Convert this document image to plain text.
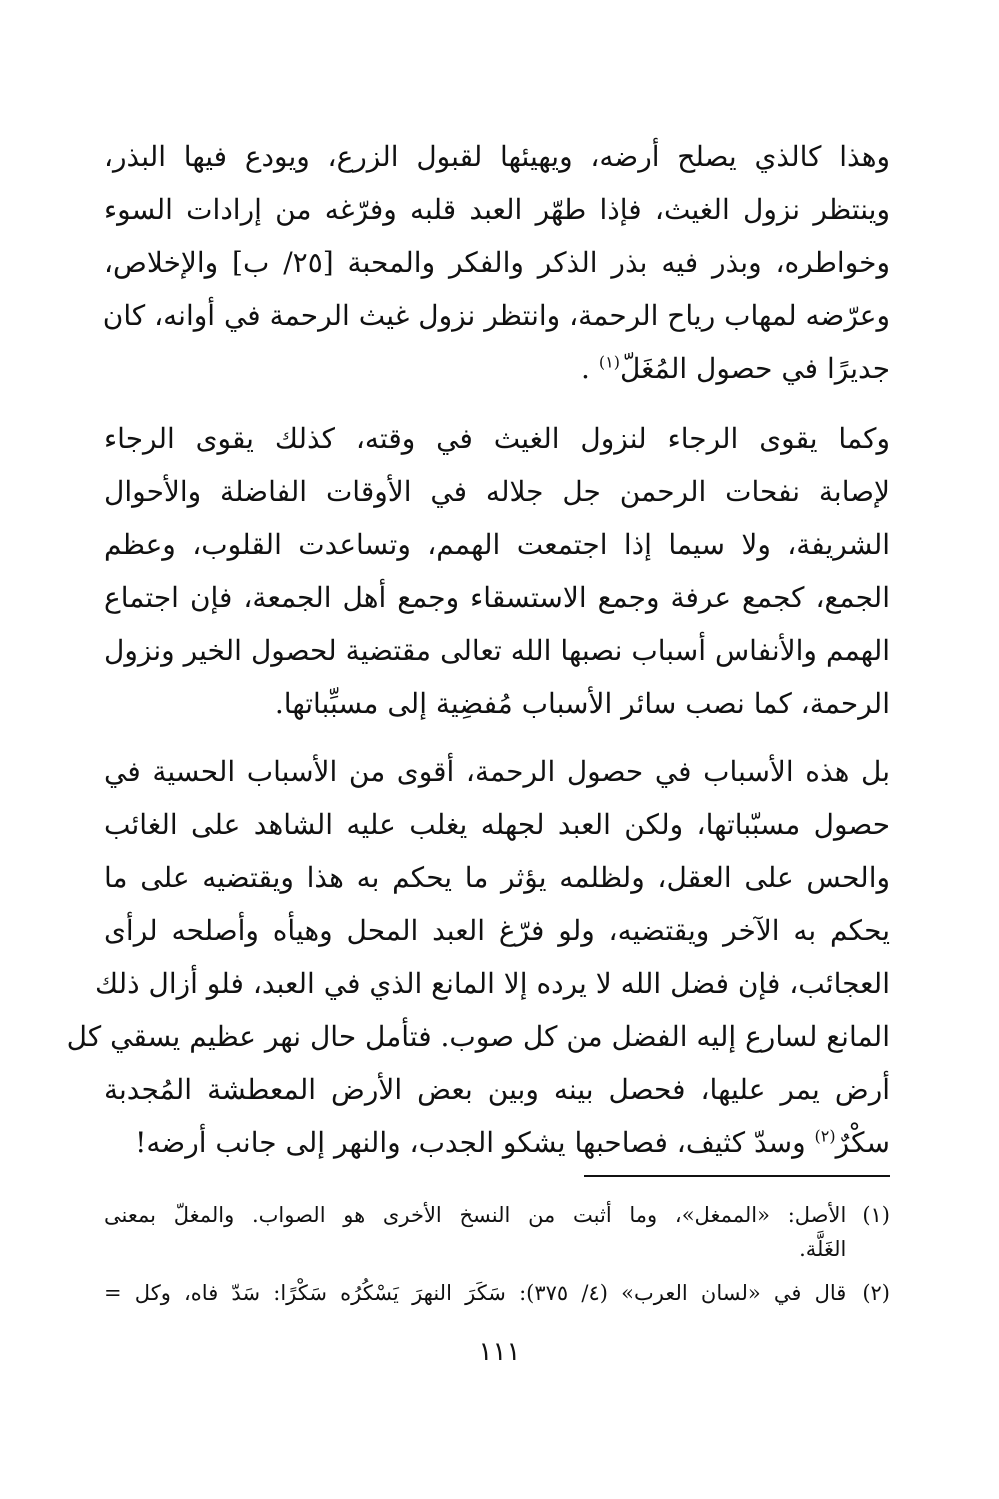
وهذا كالذي يصلح أرضه، ويهيئها لقبول الزرع، ويودع فيها البذر،
وينتظر نزول الغيث، فإذا طهّر العبد قلبه وفرّغه من إرادات السوء
وخواطره، وبذر فيه بذر الذكر والفكر والمحبة [٢٥/ ب] والإخلاص،
وعرّضه لمهاب رياح الرحمة، وانتظر نزول غيث الرحمة في أوانه، كان
جديرًا في حصول المُغَلّ$^{(١)}$ .
وكما يقوى الرجاء لنزول الغيث في وقته، كذلك يقوى الرجاء
لإصابة نفحات الرحمن جل جلاله في الأوقات الفاضلة والأحوال
الشريفة، ولا سيما إذا اجتمعت الهمم، وتساعدت القلوب، وعظم
الجمع، كجمع عرفة وجمع الاستسقاء وجمع أهل الجمعة، فإن اجتماع
الهمم والأنفاس أسباب نصبها الله تعالى مقتضية لحصول الخير ونزول
الرحمة، كما نصب سائر الأسباب مُفضِية إلى مسبِّباتها.
بل هذه الأسباب في حصول الرحمة، أقوى من الأسباب الحسية في
حصول مسبّباتها، ولكن العبد لجهله يغلب عليه الشاهد على الغائب
والحس على العقل، ولظلمه يؤثر ما يحكم به هذا ويقتضيه على ما
يحكم به الآخر ويقتضيه، ولو فرّغ العبد المحل وهيأه وأصلحه لرأى
العجائب، فإن فضل الله لا يرده إلا المانع الذي في العبد، فلو أزال ذلك
المانع لسارع إليه الفضل من كل صوب. فتأمل حال نهر عظيم يسقي كل
أرض يمر عليها، فحصل بينه وبين بعض الأرض المعطشة المُجدبة
سكْرٌ$^{(٢)}$ وسدّ كثيف، فصاحبها يشكو الجدب، والنهر إلى جانب أرضه!
(١)
الأصل: «الممغل»، وما أثبت من النسخ الأخرى هو الصواب. والمغلّ بمعنى
الغَلَّة.
(٢)
قال في «لسان العرب» (٤/ ٣٧٥): سَكَرَ النهرَ يَسْكُرُه سَكْرًا: سَدّ فاه، وكل =
١١١
